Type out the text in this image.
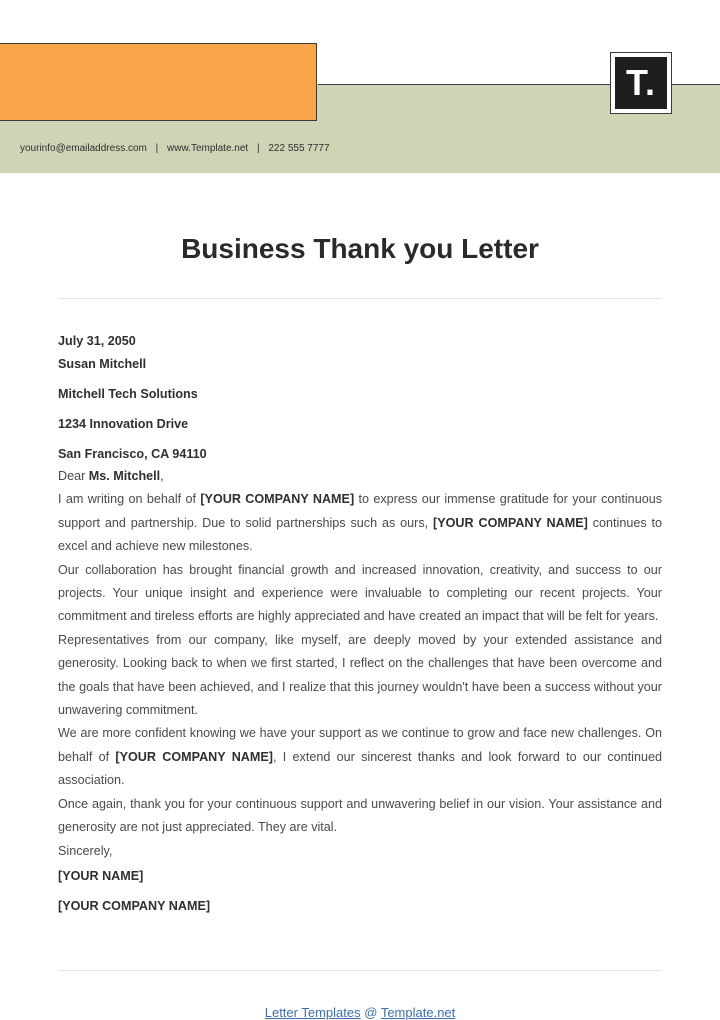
T.
yourinfo@emailaddress.com | www.Template.net | 222 555 7777
Business Thank you Letter
July 31, 2050
Susan Mitchell
Mitchell Tech Solutions
1234 Innovation Drive
San Francisco, CA 94110

Dear Ms. Mitchell,

I am writing on behalf of [YOUR COMPANY NAME] to express our immense gratitude for your continuous support and partnership. Due to solid partnerships such as ours, [YOUR COMPANY NAME] continues to excel and achieve new milestones.

Our collaboration has brought financial growth and increased innovation, creativity, and success to our projects. Your unique insight and experience were invaluable to completing our recent projects. Your commitment and tireless efforts are highly appreciated and have created an impact that will be felt for years.

Representatives from our company, like myself, are deeply moved by your extended assistance and generosity. Looking back to when we first started, I reflect on the challenges that have been overcome and the goals that have been achieved, and I realize that this journey wouldn't have been a success without your unwavering commitment.

We are more confident knowing we have your support as we continue to grow and face new challenges. On behalf of [YOUR COMPANY NAME], I extend our sincerest thanks and look forward to our continued association.

Once again, thank you for your continuous support and unwavering belief in our vision. Your assistance and generosity are not just appreciated. They are vital.

Sincerely,

[YOUR NAME]
[YOUR COMPANY NAME]
Letter Templates @ Template.net
